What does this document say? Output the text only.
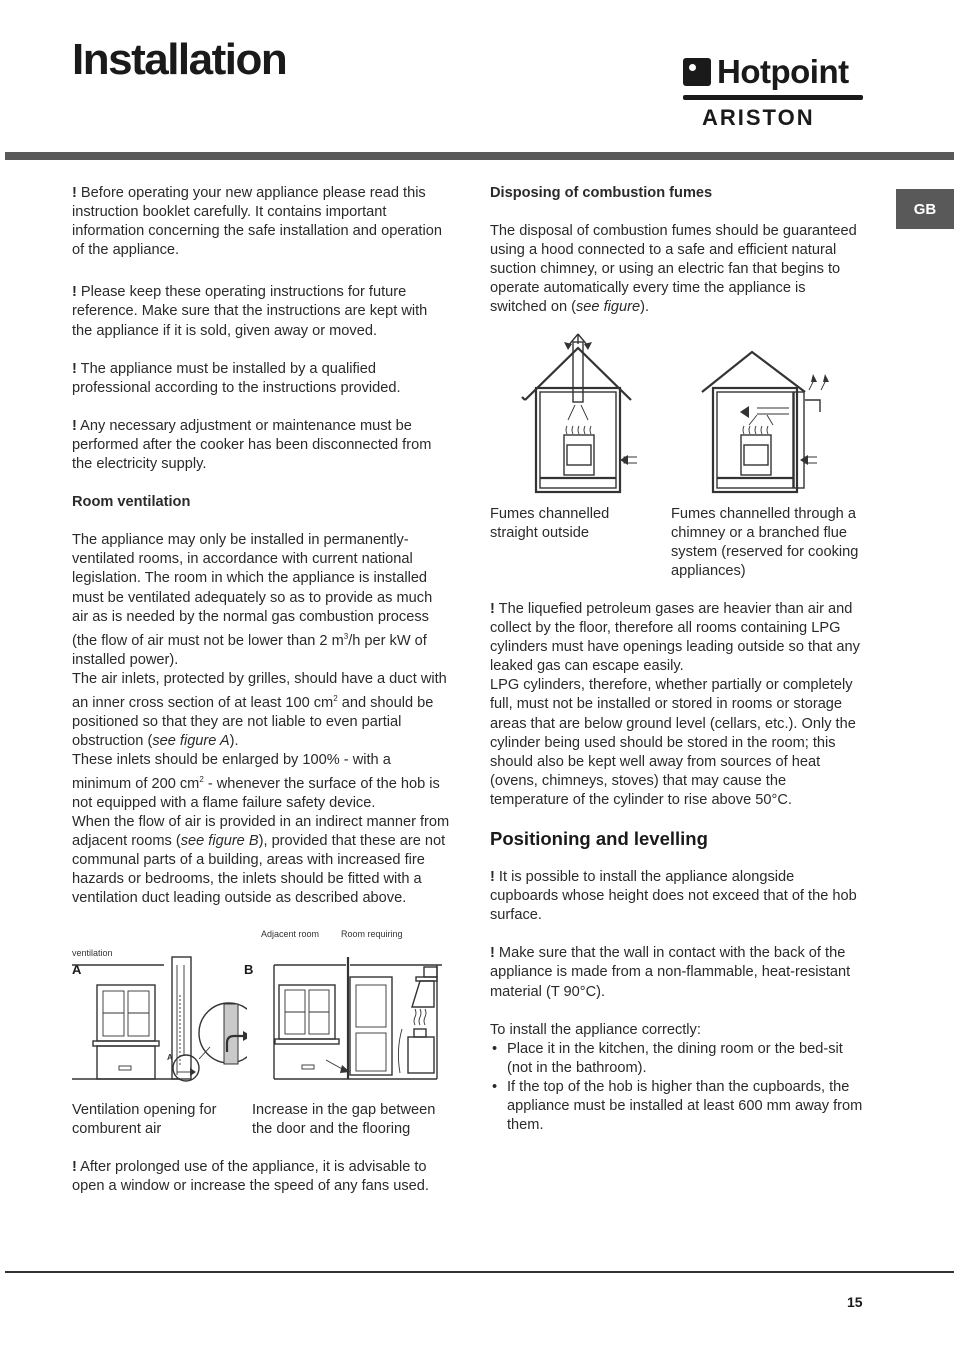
Installation	Hotpoint
ARISTON
GB

! Before operating your new appliance please read this instruction booklet carefully. It contains important information concerning the safe installation and operation of the appliance.

! Please keep these operating instructions for future reference. Make sure that the instructions are kept with the appliance if it is sold, given away or moved.

! The appliance must be installed by a qualified professional according to the instructions provided.

! Any necessary adjustment or maintenance must be performed after the cooker has been disconnected from the electricity supply.

Room ventilation

The appliance may only be installed in permanently-ventilated rooms, in accordance with current national legislation. The room in which the appliance is installed must be ventilated adequately so as to provide as much air as is needed by the normal gas combustion process (the flow of air must not be lower than 2 $m^3/h$ per kW of installed power).

The air inlets, protected by grilles, should have a duct with an inner cross section of at least 100 $cm^2$ and should be positioned so that they are not liable to even partial obstruction (see figure A).

These inlets should be enlarged by 100% - with a minimum of 200 $cm^2$ - whenever the surface of the hob is not equipped with a flame failure safety device.

When the flow of air is provided in an indirect manner from adjacent rooms (see figure B), provided that these are not communal parts of a building, areas with increased fire hazards or bedrooms, the inlets should be fitted with a ventilation duct leading outside as described above.

Adjacent room Room requiring
ventilation
A	B
A
Ventilation opening for comburent air
Increase in the gap between the door and the flooring

! After prolonged use of the appliance, it is advisable to open a window or increase the speed of any fans used.

Disposing of combustion fumes

The disposal of combustion fumes should be guaranteed using a hood connected to a safe and efficient natural suction chimney, or using an electric fan that begins to operate automatically every time the appliance is switched on (see figure).

Fumes channelled straight outside
Fumes channelled through a chimney or a branched flue system (reserved for cooking appliances)

! The liquefied petroleum gases are heavier than air and collect by the floor, therefore all rooms containing LPG cylinders must have openings leading outside so that any leaked gas can escape easily.

LPG cylinders, therefore, whether partially or completely full, must not be installed or stored in rooms or storage areas that are below ground level (cellars, etc.). Only the cylinder being used should be stored in the room; this should also be kept well away from sources of heat (ovens, chimneys, stoves) that may cause the temperature of the cylinder to rise above 50°C.

Positioning and levelling

! It is possible to install the appliance alongside cupboards whose height does not exceed that of the hob surface.

! Make sure that the wall in contact with the back of the appliance is made from a non-flammable, heat-resistant material (T 90°C).

To install the appliance correctly:

• Place it in the kitchen, the dining room or the bed-sit (not in the bathroom).
• If the top of the hob is higher than the cupboards, the appliance must be installed at least 600 mm away from them.
15
